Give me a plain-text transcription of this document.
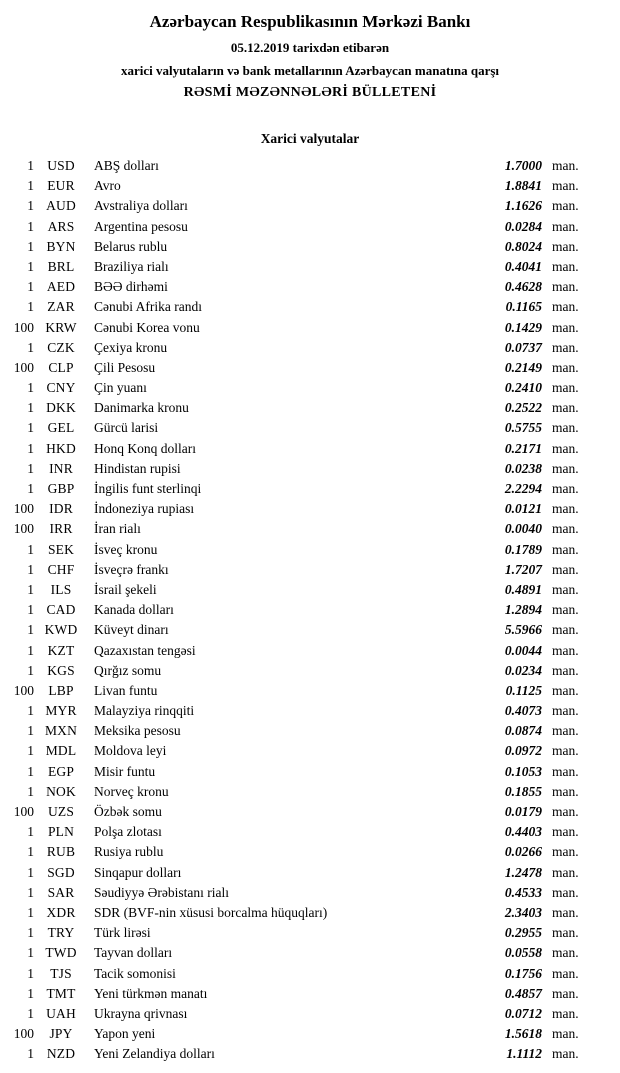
Azərbaycan Respublikasının Mərkəzi Bankı

05.12.2019 tarixdən etibarən

xarici valyutaların və bank metallarının Azərbaycan manatına qarşı

RƏSMİ MƏZƏNNƏLƏRİ BÜLLETENİ

Xarici valyutalar
1 USD	ABŞ dolları	1.7000 man.
1 EUR	Avro	1.8841 man.
1 AUD	Avstraliya dolları	1.1626 man.
1	ARS	Argentina pesosu	0.0284 man.
1 BYN	Belarus rublu	0.8024 man.
1	BRL	Braziliya rialı	0.4041 man.
1 AED	BƏƏ dirhəmi	0.4628 man.
1 ZAR	Cənubi Afrika randı	0.1165 man.
100 KRW	Cənubi Korea vonu	0.1429 man.
1 CZK	Çexiya kronu	0.0737 man.
100	CLP	Çili Pesosu	0.2149 man.
1 CNY	Çin yuanı	0.2410 man.
1 DKK	Danimarka kronu	0.2522 man.
1	GEL	Gürcü larisi	0.5755 man.
1 HKD	Honq Konq dolları	0.2171 man.
1	INR	Hindistan rupisi	0.0238 man.
1	GBP	İngilis funt sterlinqi	2.2294 man.
100	IDR	İndoneziya rupiası	0.0121 man.
100	IRR	İran rialı	0.0040 man.
1	SEK	İsveç kronu	0.1789 man.
1	CHF	İsveçrə frankı	1.7207 man.
1	ILS	İsrail şekeli	0.4891 man.
1 CAD	Kanada dolları	1.2894 man.
1 KWD	Küveyt dinarı	5.5966 man.
1	KZT	Qazaxıstan tengəsi	0.0044 man.
1 KGS	Qırğız somu	0.0234 man.
100	LBP	Livan funtu	0.1125 man.
1 MYR	Malayziya rinqqiti	0.4073 man.
1 MXN	Meksika pesosu	0.0874 man.
1 MDL	Moldova leyi	0.0972 man.
1	EGP	Misir funtu	0.1053 man.
1 NOK	Norveç kronu	0.1855 man.
100	UZS	Özbək somu	0.0179 man.
1	PLN	Polşa zlotası	0.4403 man.
1 RUB	Rusiya rublu	0.0266 man.
1 SGD	Sinqapur dolları	1.2478 man.
1	SAR	Səudiyyə Ərəbistanı rialı	0.4533 man.
1 XDR	SDR (BVF-nin xüsusi borcalma hüquqları)	2.3403 man.
1	TRY	Türk lirəsi	0.2955 man.
1 TWD	Tayvan dolları	0.0558 man.
1	TJS	Tacik somonisi	0.1756 man.
1 TMT	Yeni türkmən manatı	0.4857 man.
1 UAH	Ukrayna qrivnası	0.0712 man.
100	JPY	Yapon yeni	1.5618 man.
1 NZD	Yeni Zelandiya dolları	1.1112 man.
